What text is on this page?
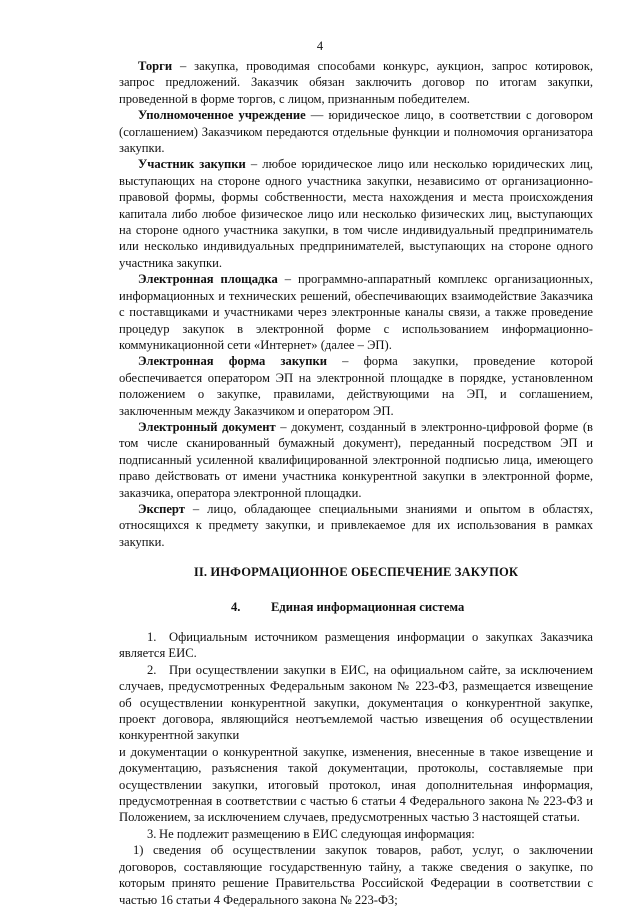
4

Торги – закупка, проводимая способами конкурс, аукцион, запрос котировок, запрос предложений. Заказчик обязан заключить договор по итогам закупки, проведенной в форме торгов, с лицом, признанным победителем.

Уполномоченное учреждение — юридическое лицо, в соответствии с договором (соглашением) Заказчиком передаются отдельные функции и полномочия организатора закупки.

Участник закупки – любое юридическое лицо или несколько юридических лиц, выступающих на стороне одного участника закупки, независимо от организационно-правовой формы, формы собственности, места нахождения и места происхождения капитала либо любое физическое лицо или несколько физических лиц, выступающих на стороне одного участника закупки, в том числе индивидуальный предприниматель или несколько индивидуальных предпринимателей, выступающих на стороне одного участника закупки.

Электронная площадка – программно-аппаратный комплекс организационных, информационных и технических решений, обеспечивающих взаимодействие Заказчика с поставщиками и участниками через электронные каналы связи, а также проведение процедур закупок в электронной форме с использованием информационно-коммуникационной сети «Интернет» (далее – ЭП).

Электронная форма закупки – форма закупки, проведение которой обеспечивается оператором ЭП на электронной площадке в порядке, установленном положением о закупке, правилами, действующими на ЭП, и соглашением, заключенным между Заказчиком и оператором ЭП.

Электронный документ – документ, созданный в электронно-цифровой форме (в том числе сканированный бумажный документ), переданный посредством ЭП и подписанный усиленной квалифицированной электронной подписью лица, имеющего право действовать от имени участника конкурентной закупки в электронной форме, заказчика, оператора электронной площадки.

Эксперт – лицо, обладающее специальными знаниями и опытом в областях, относящихся к предмету закупки, и привлекаемое для их использования в рамках закупки.

II. ИНФОРМАЦИОННОЕ ОБЕСПЕЧЕНИЕ ЗАКУПОК

4. Единая информационная система

1. Официальным источником размещения информации о закупках Заказчика является ЕИС.

2. При осуществлении закупки в ЕИС, на официальном сайте, за исключением случаев, предусмотренных Федеральным законом № 223-ФЗ, размещается извещение об осуществлении конкурентной закупки, документация о конкурентной закупке, проект договора, являющийся неотъемлемой частью извещения об осуществлении конкурентной закупки

и документации о конкурентной закупке, изменения, внесенные в такое извещение и документацию, разъяснения такой документации, протоколы, составляемые при осуществлении закупки, итоговый протокол, иная дополнительная информация, предусмотренная в соответствии с частью 6 статьи 4 Федерального закона № 223-ФЗ и Положением, за исключением случаев, предусмотренных частью 3 настоящей статьи.

3. Не подлежит размещению в ЕИС следующая информация:

1) сведения об осуществлении закупок товаров, работ, услуг, о заключении договоров, составляющие государственную тайну, а также сведения о закупке, по которым принято решение Правительства Российской Федерации в соответствии с частью 16 статьи 4 Федерального закона № 223-ФЗ;
